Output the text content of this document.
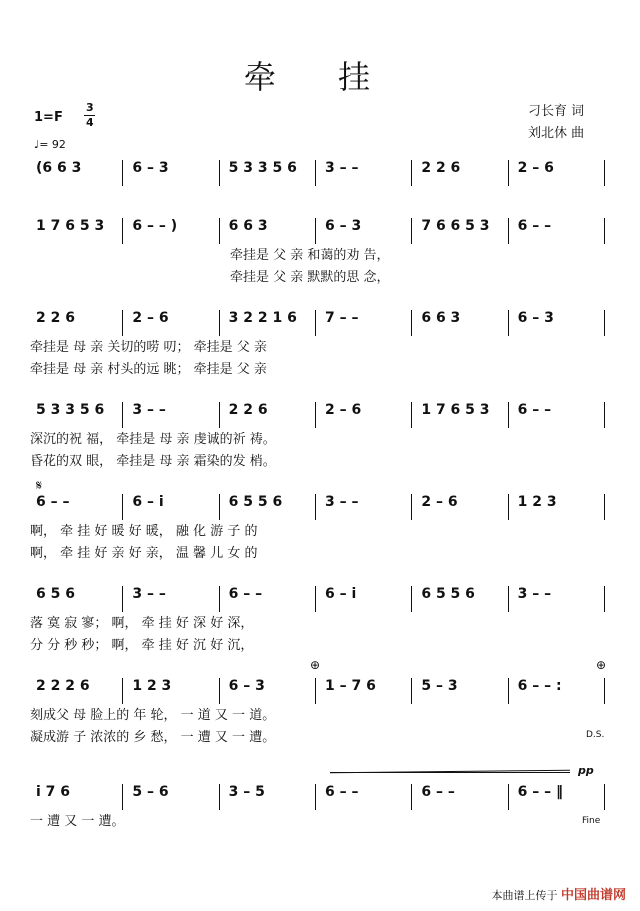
牵 挂
1=F
3
4
♩= 92
刁长育 词
刘北休 曲
(6 6 3	6 – 3	5 3 3 5 6 3 – –	2 2 6	2 – 6
1 7 6 5 3 6 – – )	6 6 3	6 – 3	7 6 6 5 3 6 – –
牵挂是 父 亲 和蔼的劝 告，
牵挂是 父 亲 默默的思 念，
2 2 6	2 – 6	3 2 2 1 6 7 – –	6 6 3	6 – 3
牵挂是 母 亲 关切的唠 叨； 牵挂是 父 亲
牵挂是 母 亲 村头的远 眺； 牵挂是 父 亲
5 3 3 5 6 3 – –	2 2 6	2 – 6	1 7 6 5 3 6 – –
深沉的祝 福， 牵挂是 母 亲 虔诚的祈 祷。
昏花的双 眼， 牵挂是 母 亲 霜染的发 梢。
6 – –	6 – i	6 5 5 6	3 – –	2 – 6	1 2 3
啊， 牵 挂 好 暖 好 暖， 融 化 游 子 的
啊， 牵 挂 好 亲 好 亲， 温 馨 儿 女 的
6 5 6	3 – –	6 – –	6 – i	6 5 5 6	3 – –
落 寞 寂 寥； 啊， 牵 挂 好 深 好 深，
分 分 秒 秒； 啊， 牵 挂 好 沉 好 沉，
2 2 2 6	1 2 3	6 – 3	1 – 7 6	5 – 3	6 – – :
刻成父 母 脸上的 年 轮， 一 道 又 一 道。
凝成游 子 浓浓的 乡 愁， 一 遭 又 一 遭。
i 7 6	5 – 6	3 – 5	6 – –	6 – –	6 – – ‖
一 遭 又 一 遭。
𝄋
⊕	⊕
D.S.
pp
Fine
本曲谱上传于 中国曲谱网
